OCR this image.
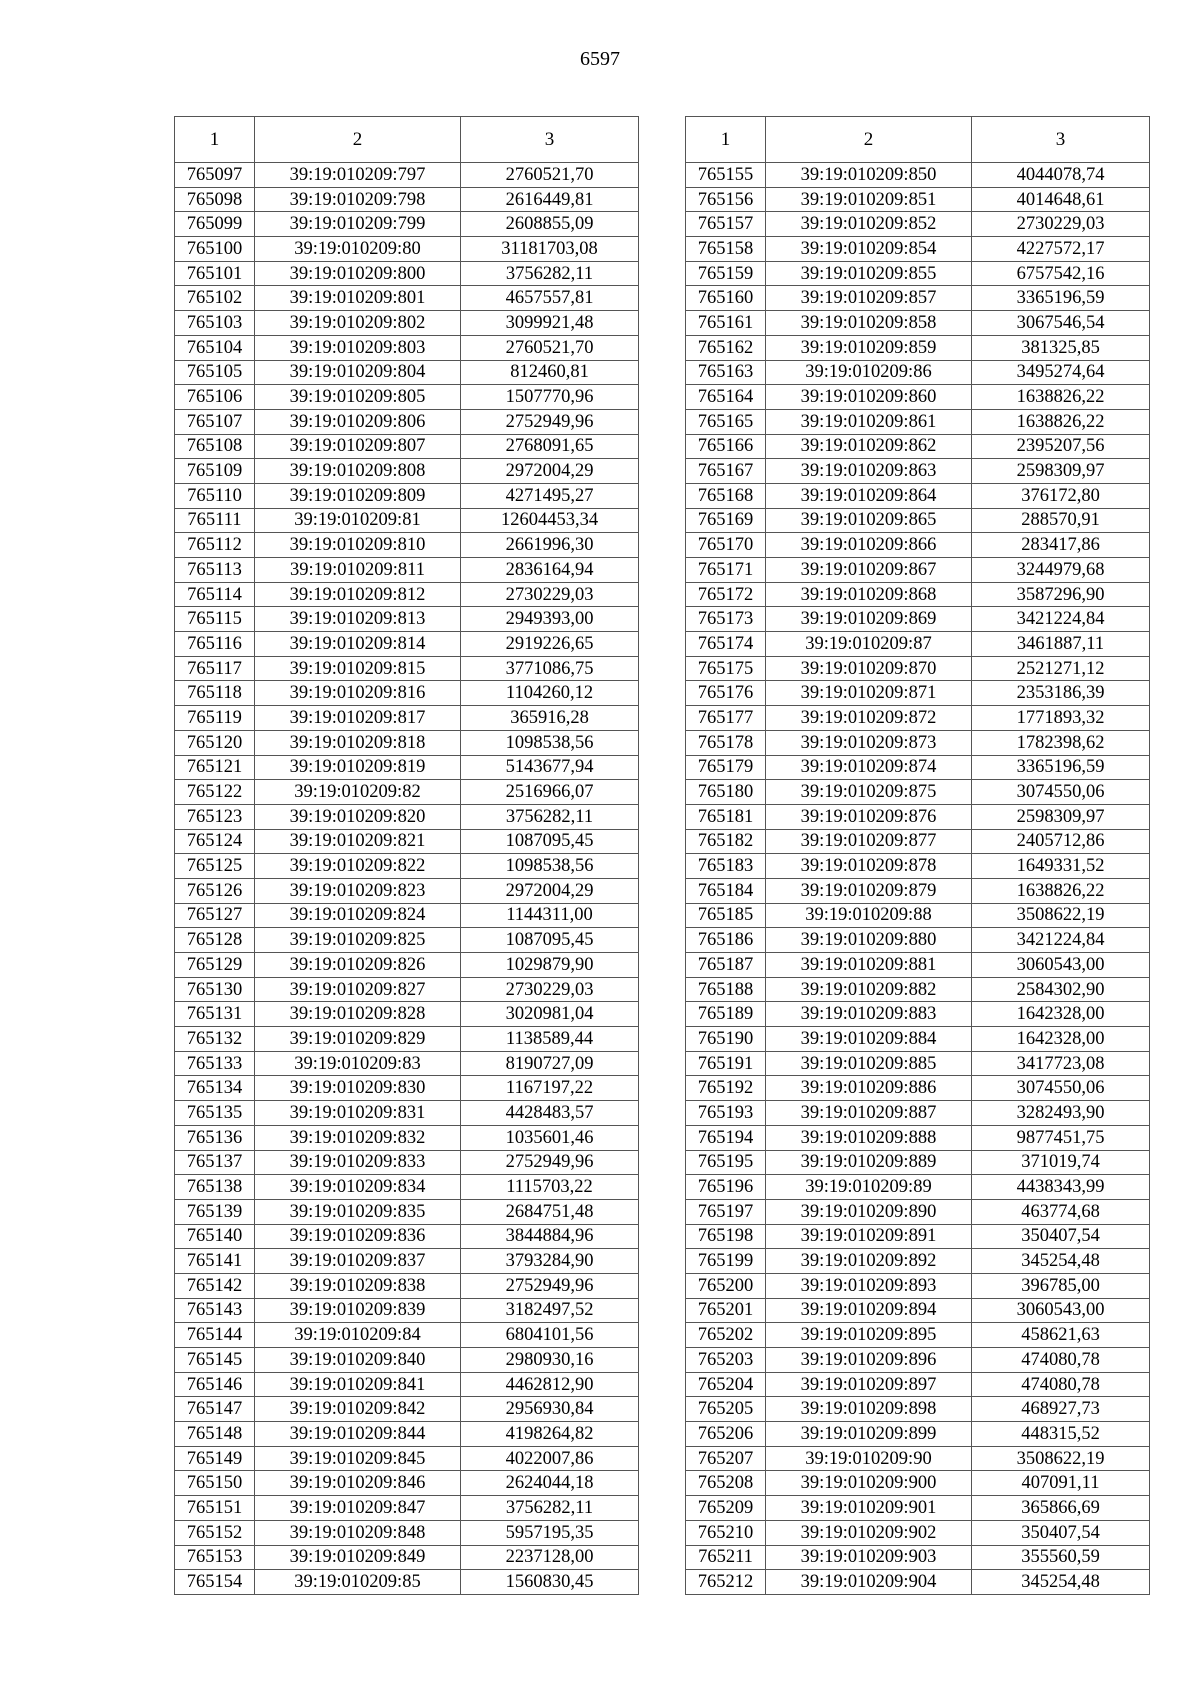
6597
1	2	3
765097	39:19:010209:797	2760521,70
765098	39:19:010209:798	2616449,81
765099	39:19:010209:799	2608855,09
765100	39:19:010209:80	31181703,08
765101	39:19:010209:800	3756282,11
765102	39:19:010209:801	4657557,81
765103	39:19:010209:802	3099921,48
765104	39:19:010209:803	2760521,70
765105	39:19:010209:804	812460,81
765106	39:19:010209:805	1507770,96
765107	39:19:010209:806	2752949,96
765108	39:19:010209:807	2768091,65
765109	39:19:010209:808	2972004,29
765110	39:19:010209:809	4271495,27
765111	39:19:010209:81	12604453,34
765112	39:19:010209:810	2661996,30
765113	39:19:010209:811	2836164,94
765114	39:19:010209:812	2730229,03
765115	39:19:010209:813	2949393,00
765116	39:19:010209:814	2919226,65
765117	39:19:010209:815	3771086,75
765118	39:19:010209:816	1104260,12
765119	39:19:010209:817	365916,28
765120	39:19:010209:818	1098538,56
765121	39:19:010209:819	5143677,94
765122	39:19:010209:82	2516966,07
765123	39:19:010209:820	3756282,11
765124	39:19:010209:821	1087095,45
765125	39:19:010209:822	1098538,56
765126	39:19:010209:823	2972004,29
765127	39:19:010209:824	1144311,00
765128	39:19:010209:825	1087095,45
765129	39:19:010209:826	1029879,90
765130	39:19:010209:827	2730229,03
765131	39:19:010209:828	3020981,04
765132	39:19:010209:829	1138589,44
765133	39:19:010209:83	8190727,09
765134	39:19:010209:830	1167197,22
765135	39:19:010209:831	4428483,57
765136	39:19:010209:832	1035601,46
765137	39:19:010209:833	2752949,96
765138	39:19:010209:834	1115703,22
765139	39:19:010209:835	2684751,48
765140	39:19:010209:836	3844884,96
765141	39:19:010209:837	3793284,90
765142	39:19:010209:838	2752949,96
765143	39:19:010209:839	3182497,52
765144	39:19:010209:84	6804101,56
765145	39:19:010209:840	2980930,16
765146	39:19:010209:841	4462812,90
765147	39:19:010209:842	2956930,84
765148	39:19:010209:844	4198264,82
765149	39:19:010209:845	4022007,86
765150	39:19:010209:846	2624044,18
765151	39:19:010209:847	3756282,11
765152	39:19:010209:848	5957195,35
765153	39:19:010209:849	2237128,00
765154	39:19:010209:85	1560830,45
1	2	3
765155	39:19:010209:850	4044078,74
765156	39:19:010209:851	4014648,61
765157	39:19:010209:852	2730229,03
765158	39:19:010209:854	4227572,17
765159	39:19:010209:855	6757542,16
765160	39:19:010209:857	3365196,59
765161	39:19:010209:858	3067546,54
765162	39:19:010209:859	381325,85
765163	39:19:010209:86	3495274,64
765164	39:19:010209:860	1638826,22
765165	39:19:010209:861	1638826,22
765166	39:19:010209:862	2395207,56
765167	39:19:010209:863	2598309,97
765168	39:19:010209:864	376172,80
765169	39:19:010209:865	288570,91
765170	39:19:010209:866	283417,86
765171	39:19:010209:867	3244979,68
765172	39:19:010209:868	3587296,90
765173	39:19:010209:869	3421224,84
765174	39:19:010209:87	3461887,11
765175	39:19:010209:870	2521271,12
765176	39:19:010209:871	2353186,39
765177	39:19:010209:872	1771893,32
765178	39:19:010209:873	1782398,62
765179	39:19:010209:874	3365196,59
765180	39:19:010209:875	3074550,06
765181	39:19:010209:876	2598309,97
765182	39:19:010209:877	2405712,86
765183	39:19:010209:878	1649331,52
765184	39:19:010209:879	1638826,22
765185	39:19:010209:88	3508622,19
765186	39:19:010209:880	3421224,84
765187	39:19:010209:881	3060543,00
765188	39:19:010209:882	2584302,90
765189	39:19:010209:883	1642328,00
765190	39:19:010209:884	1642328,00
765191	39:19:010209:885	3417723,08
765192	39:19:010209:886	3074550,06
765193	39:19:010209:887	3282493,90
765194	39:19:010209:888	9877451,75
765195	39:19:010209:889	371019,74
765196	39:19:010209:89	4438343,99
765197	39:19:010209:890	463774,68
765198	39:19:010209:891	350407,54
765199	39:19:010209:892	345254,48
765200	39:19:010209:893	396785,00
765201	39:19:010209:894	3060543,00
765202	39:19:010209:895	458621,63
765203	39:19:010209:896	474080,78
765204	39:19:010209:897	474080,78
765205	39:19:010209:898	468927,73
765206	39:19:010209:899	448315,52
765207	39:19:010209:90	3508622,19
765208	39:19:010209:900	407091,11
765209	39:19:010209:901	365866,69
765210	39:19:010209:902	350407,54
765211	39:19:010209:903	355560,59
765212	39:19:010209:904	345254,48
